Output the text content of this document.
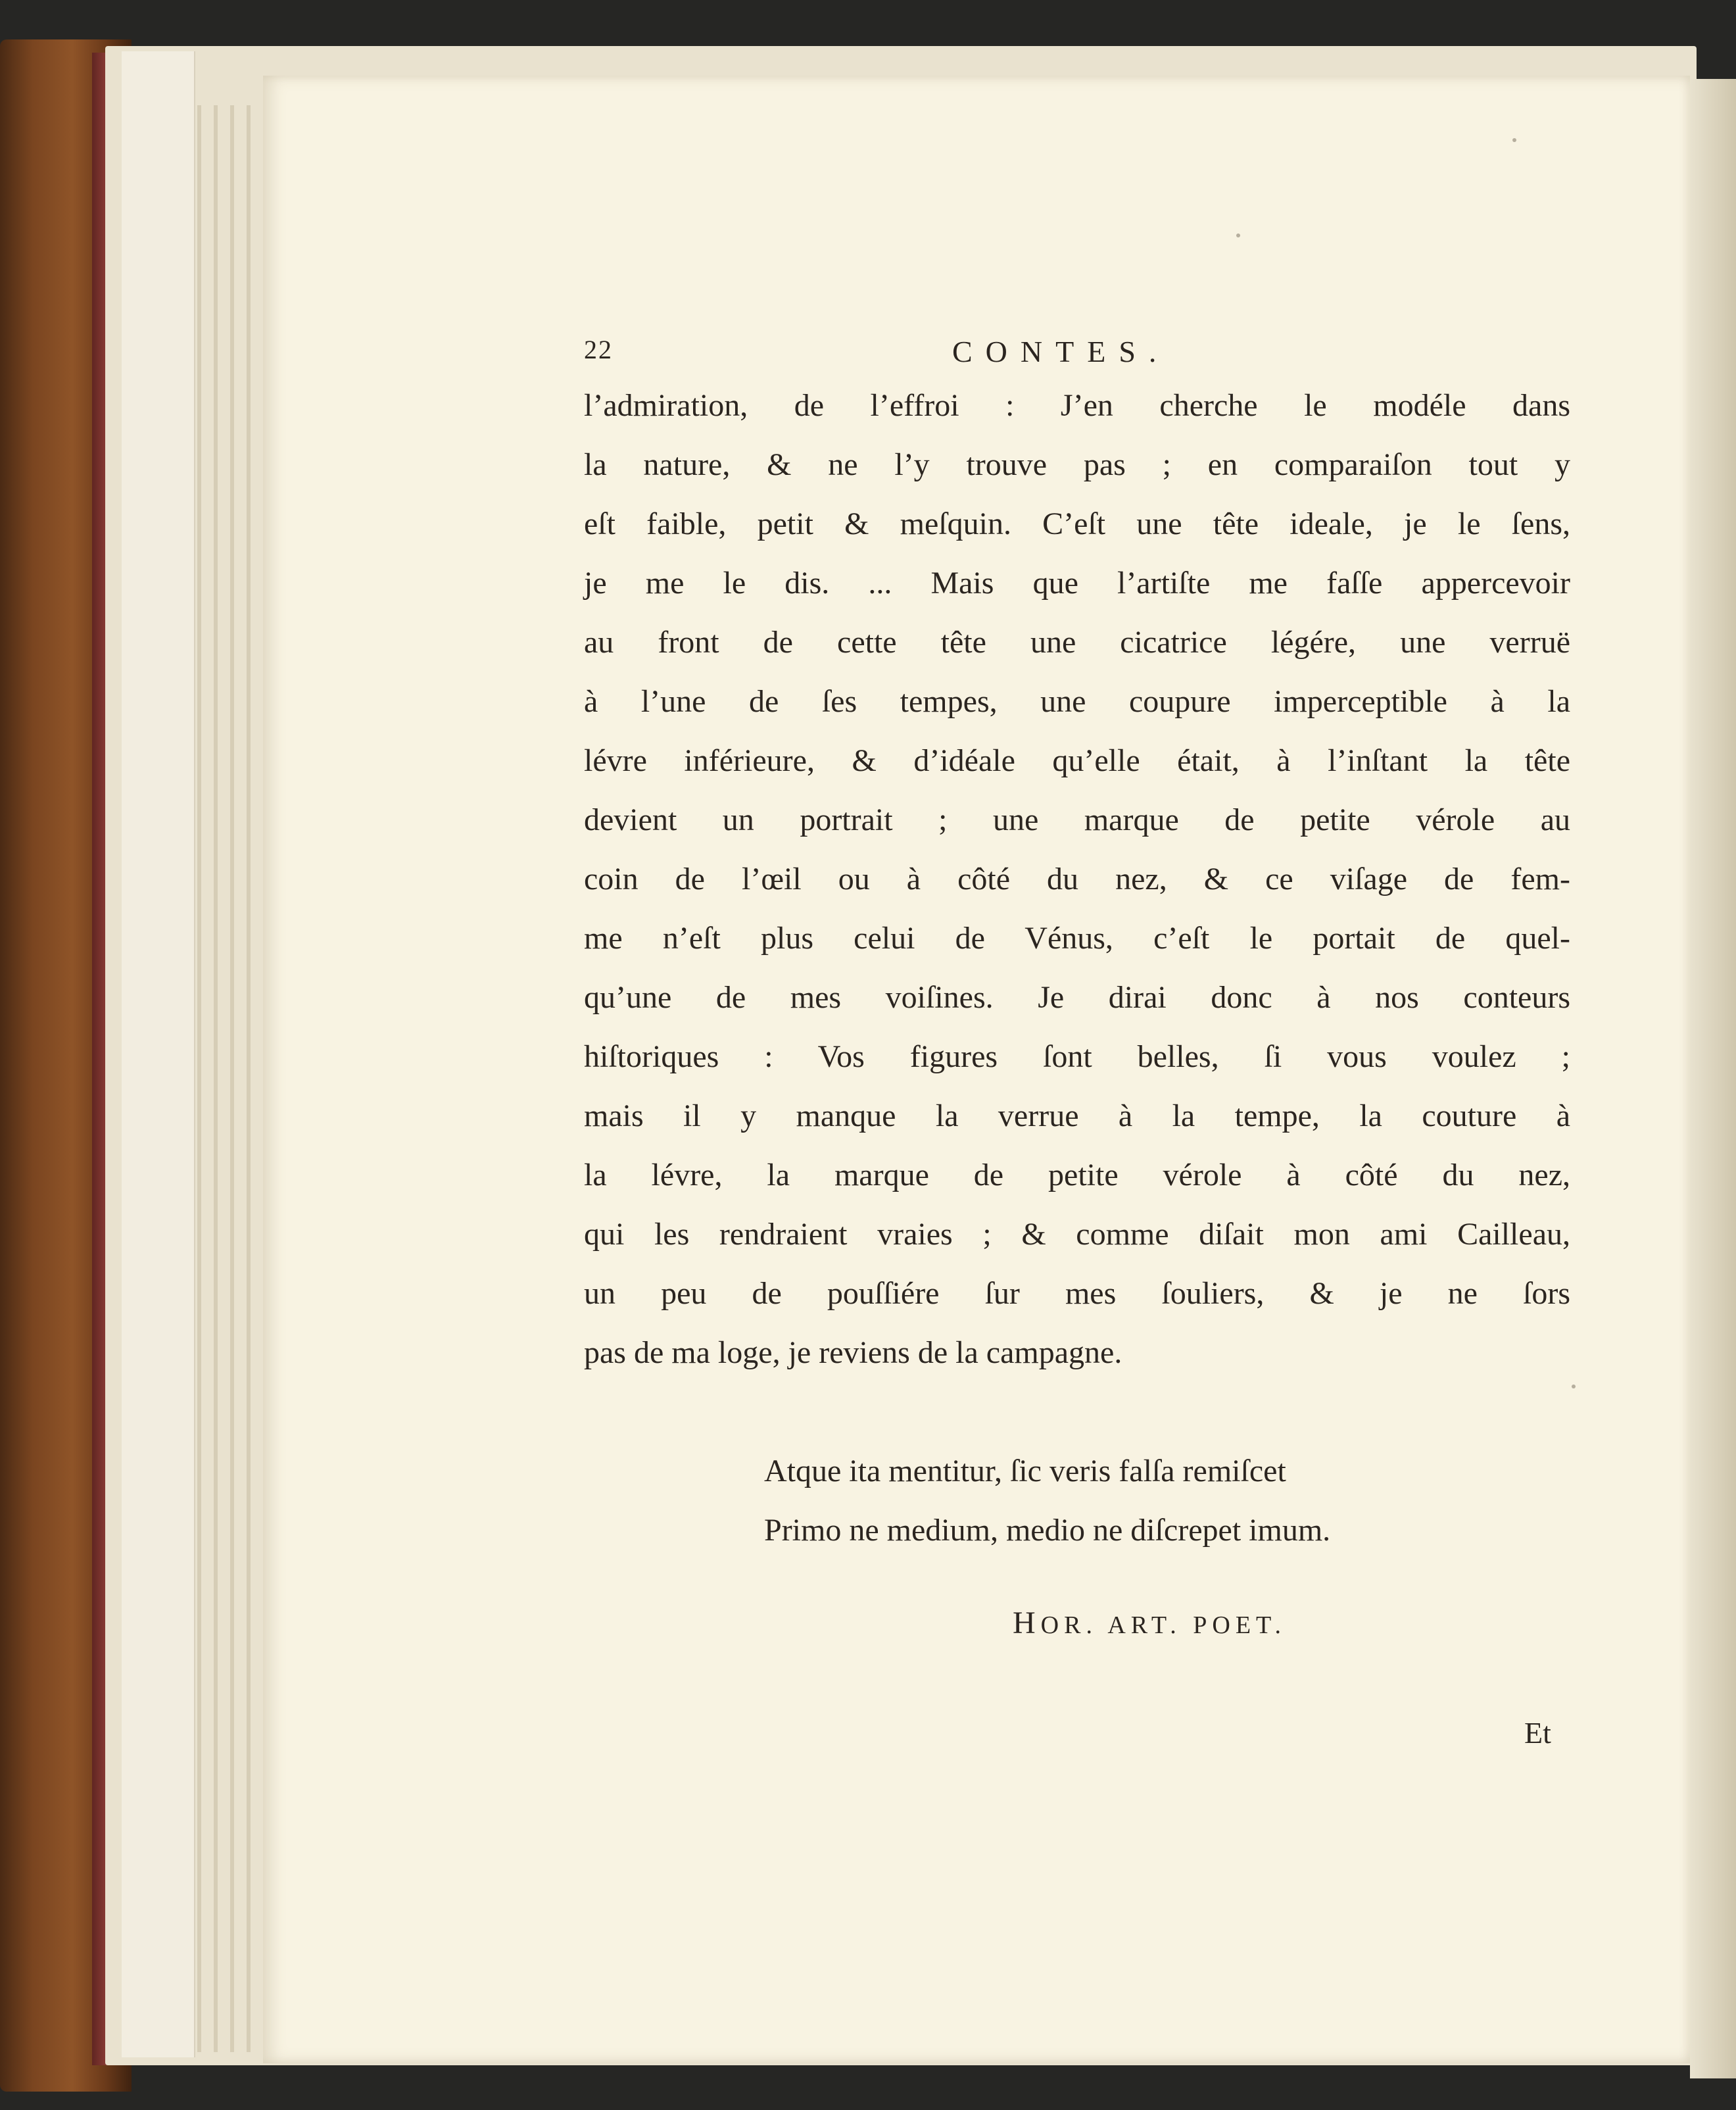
22	CONTES.
l’admiration, de l’effroi : J’en cherche le modéle dans
la nature, & ne l’y trouve pas ; en comparaiſon tout y
eſt faible, petit & meſquin. C’eſt une tête ideale, je le ſens,
je me le dis. ... Mais que l’artiſte me faſſe appercevoir
au front de cette tête une cicatrice légére, une verruë
à l’une de ſes tempes, une coupure imperceptible à la
lévre inférieure, & d’idéale qu’elle était, à l’inſtant la tête
devient un portrait ; une marque de petite vérole au
coin de l’œil ou à côté du nez, & ce viſage de fem-
me n’eſt plus celui de Vénus, c’eſt le portait de quel-
qu’une de mes voiſines. Je dirai donc à nos conteurs
hiſtoriques : Vos figures ſont belles, ſi vous voulez ;
mais il y manque la verrue à la tempe, la couture à
la lévre, la marque de petite vérole à côté du nez,
qui les rendraient vraies ; & comme diſait mon ami Cailleau,
un peu de pouſſiére ſur mes ſouliers, & je ne ſors
pas de ma loge, je reviens de la campagne.
Atque ita mentitur, ſic veris falſa remiſcet
Primo ne medium, medio ne diſcrepet imum.
HOR. ART. POET.
Et
